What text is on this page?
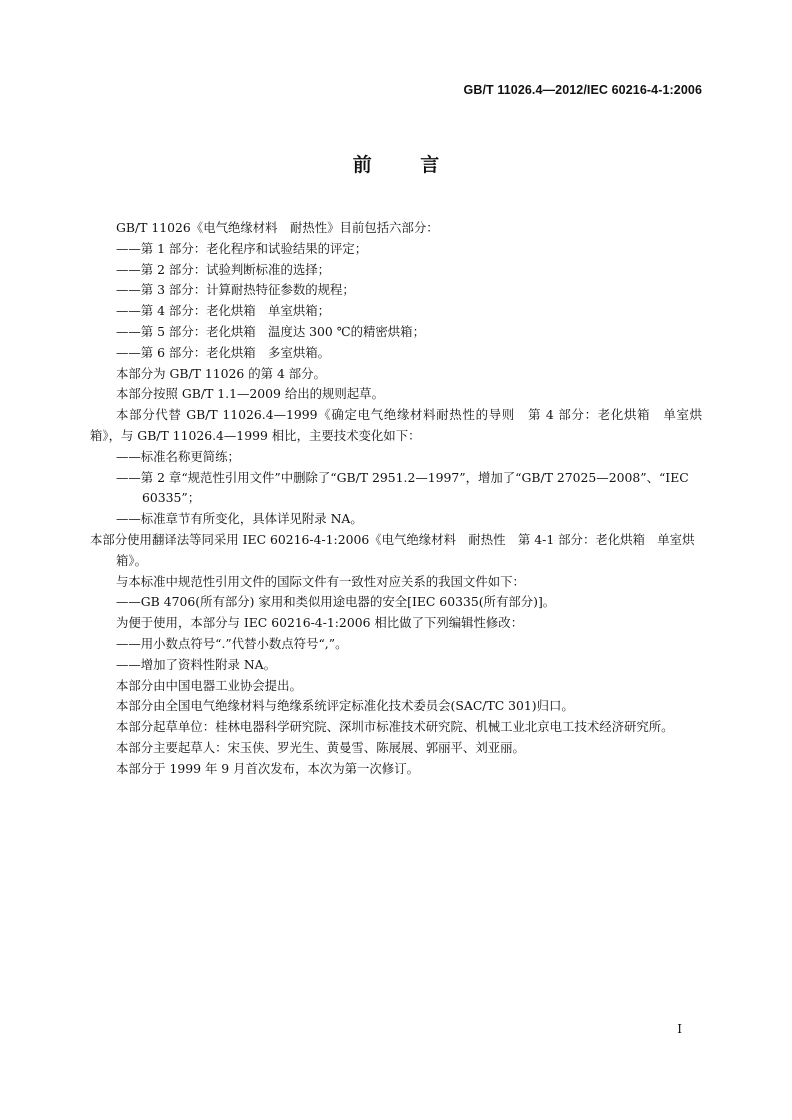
GB/T 11026.4—2012/IEC 60216-4-1:2006
前 言

GB/T 11026《电气绝缘材料　耐热性》目前包括六部分：

——第 1 部分：老化程序和试验结果的评定；

——第 2 部分：试验判断标准的选择；

——第 3 部分：计算耐热特征参数的规程；

——第 4 部分：老化烘箱　单室烘箱；

——第 5 部分：老化烘箱　温度达 300 ℃的精密烘箱；

——第 6 部分：老化烘箱　多室烘箱。

本部分为 GB/T 11026 的第 4 部分。

本部分按照 GB/T 1.1—2009 给出的规则起草。

本部分代替 GB/T 11026.4—1999《确定电气绝缘材料耐热性的导则　第 4 部分：老化烘箱　单室烘箱》，与 GB/T 11026.4—1999 相比，主要技术变化如下：

——标准名称更简练；

——第 2 章“规范性引用文件”中删除了“GB/T 2951.2—1997”，增加了“GB/T 27025—2008”、“IEC 60335”；

——标准章节有所变化，具体详见附录 NA。

本部分使用翻译法等同采用 IEC 60216-4-1:2006《电气绝缘材料　耐热性　第 4-1 部分：老化烘箱　单室烘箱》。

与本标准中规范性引用文件的国际文件有一致性对应关系的我国文件如下：

——GB 4706(所有部分) 家用和类似用途电器的安全[IEC 60335(所有部分)]。

为便于使用，本部分与 IEC 60216-4-1:2006 相比做了下列编辑性修改：

——用小数点符号“.”代替小数点符号“,”。

——增加了资料性附录 NA。

本部分由中国电器工业协会提出。

本部分由全国电气绝缘材料与绝缘系统评定标准化技术委员会(SAC/TC 301)归口。

本部分起草单位：桂林电器科学研究院、深圳市标准技术研究院、机械工业北京电工技术经济研究所。

本部分主要起草人：宋玉侠、罗光生、黄曼雪、陈展展、郭丽平、刘亚丽。

本部分于 1999 年 9 月首次发布，本次为第一次修订。

I
